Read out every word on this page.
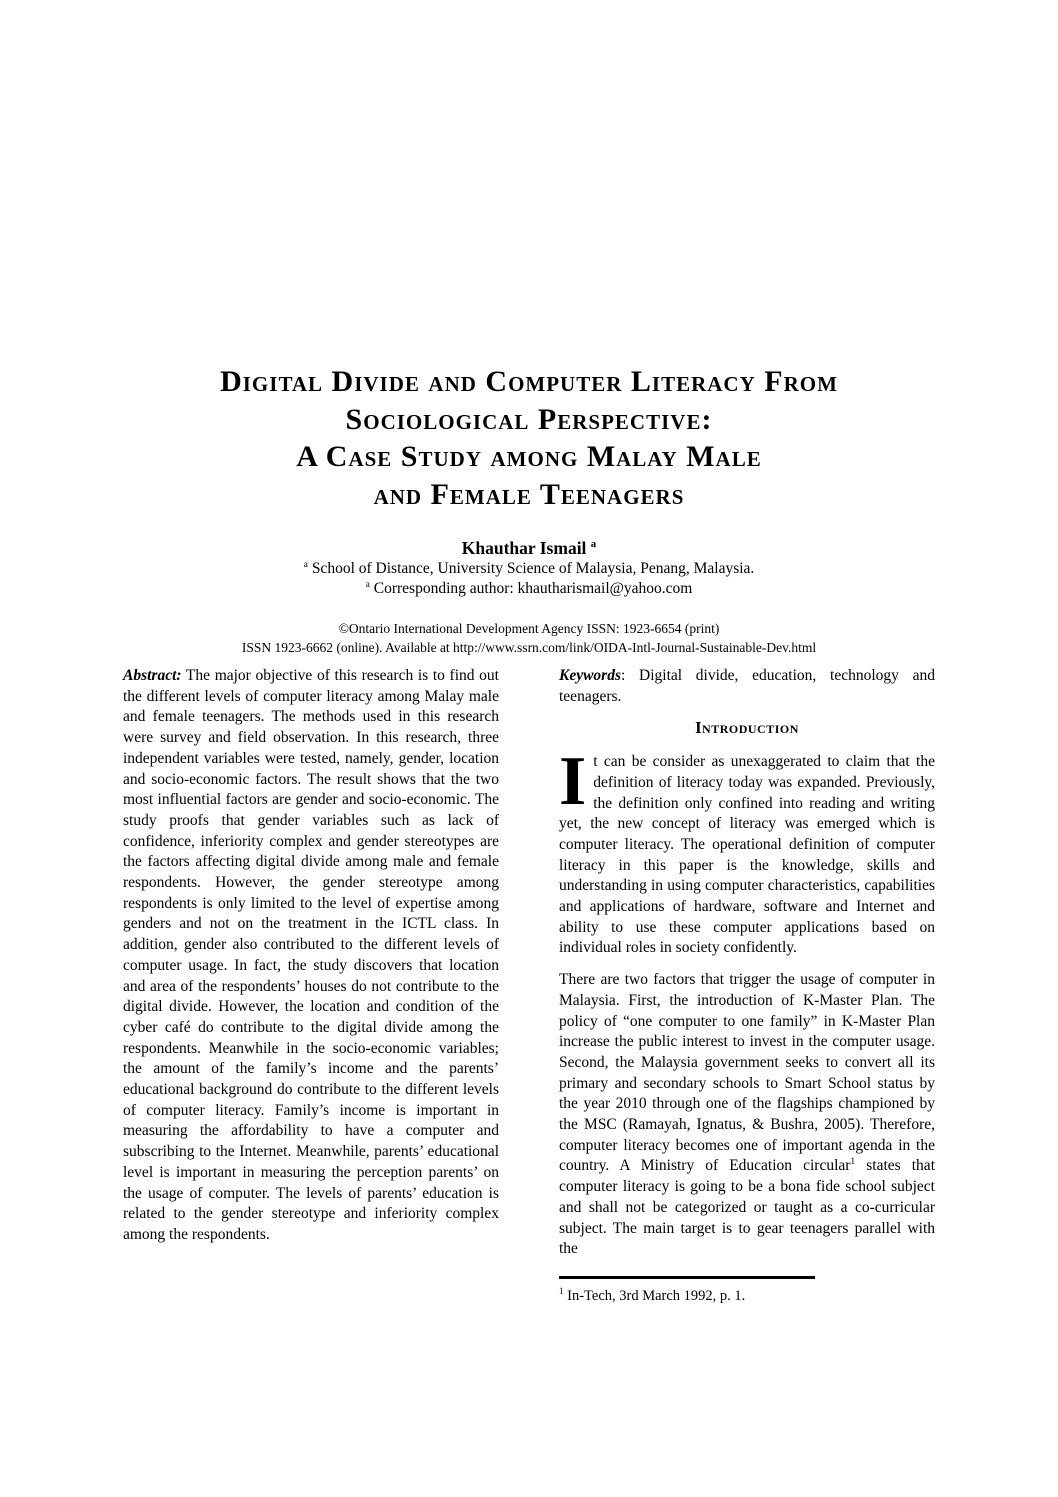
Digital Divide and Computer Literacy From
Sociological Perspective:
A Case Study among Malay Male
and Female Teenagers
Khauthar Ismail $^a$
$^a$ School of Distance, University Science of Malaysia, Penang, Malaysia.
$^a$ Corresponding author: khautharismail@yahoo.com
©Ontario International Development Agency ISSN: 1923-6654 (print)
ISSN 1923-6662 (online). Available at http://www.ssrn.com/link/OIDA-Intl-Journal-Sustainable-Dev.html

Abstract: The major objective of this research is to find out the different levels of computer literacy among Malay male and female teenagers. The methods used in this research were survey and field observation. In this research, three independent variables were tested, namely, gender, location and socio-economic factors. The result shows that the two most influential factors are gender and socio-economic. The study proofs that gender variables such as lack of confidence, inferiority complex and gender stereotypes are the factors affecting digital divide among male and female respondents. However, the gender stereotype among respondents is only limited to the level of expertise among genders and not on the treatment in the ICTL class. In addition, gender also contributed to the different levels of computer usage. In fact, the study discovers that location and area of the respondents’ houses do not contribute to the digital divide. However, the location and condition of the cyber café do contribute to the digital divide among the respondents. Meanwhile in the socio-economic variables; the amount of the family’s income and the parents’ educational background do contribute to the different levels of computer literacy. Family’s income is important in measuring the affordability to have a computer and subscribing to the Internet. Meanwhile, parents’ educational level is important in measuring the perception parents’ on the usage of computer. The levels of parents’ education is related to the gender stereotype and inferiority complex among the respondents.

Keywords: Digital divide, education, technology and teenagers.

Introduction

It can be consider as unexaggerated to claim that the definition of literacy today was expanded. Previously, the definition only confined into reading and writing yet, the new concept of literacy was emerged which is computer literacy. The operational definition of computer literacy in this paper is the knowledge, skills and understanding in using computer characteristics, capabilities and applications of hardware, software and Internet and ability to use these computer applications based on individual roles in society confidently.

There are two factors that trigger the usage of computer in Malaysia. First, the introduction of K-Master Plan. The policy of “one computer to one family” in K-Master Plan increase the public interest to invest in the computer usage. Second, the Malaysia government seeks to convert all its primary and secondary schools to Smart School status by the year 2010 through one of the flagships championed by the MSC (Ramayah, Ignatus, & Bushra, 2005). Therefore, computer literacy becomes one of important agenda in the country. A Ministry of Education circular$^1$ states that computer literacy is going to be a bona fide school subject and shall not be categorized or taught as a co-curricular subject. The main target is to gear teenagers parallel with the

$^1$ In-Tech, 3rd March 1992, p. 1.
